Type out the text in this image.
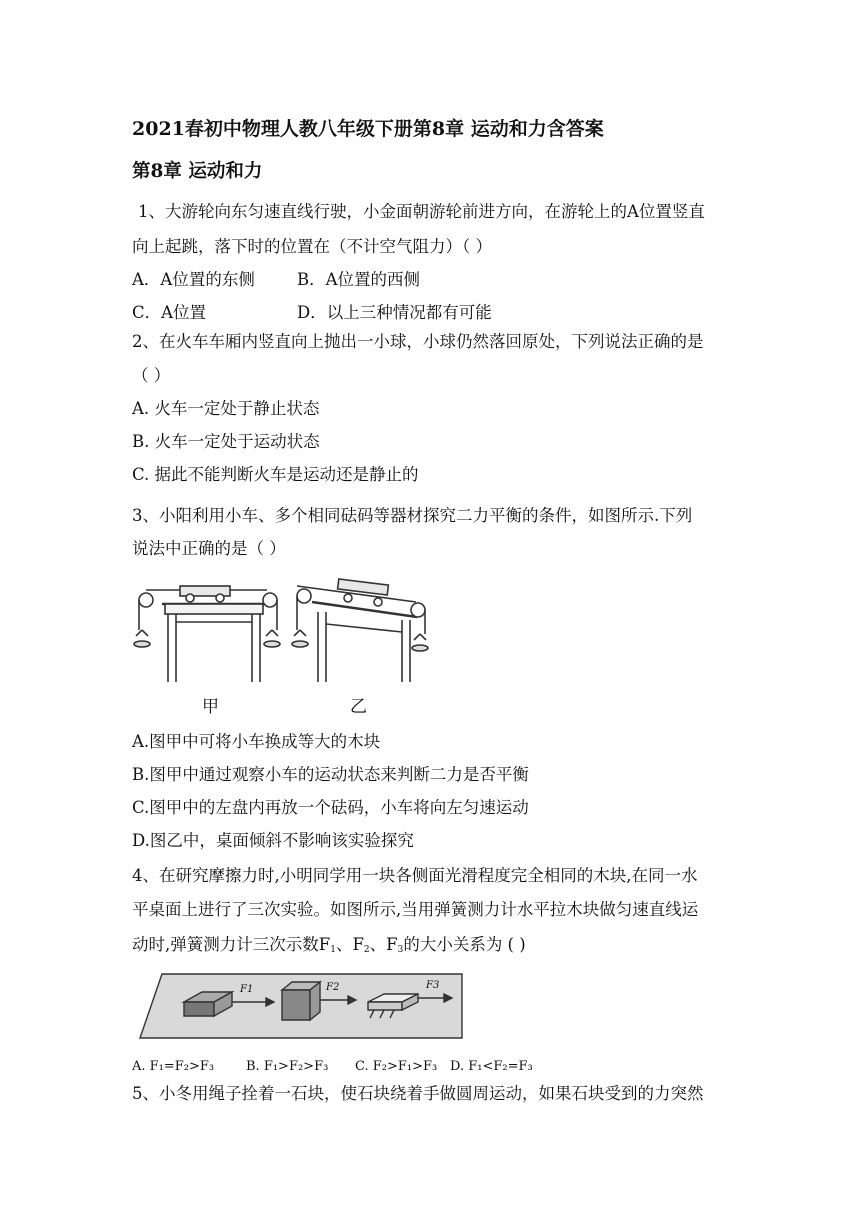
2021春初中物理人教八年级下册第8章 运动和力含答案
第8章 运动和力
1、大游轮向东匀速直线行驶，小金面朝游轮前进方向，在游轮上的A位置竖直
向上起跳，落下时的位置在（不计空气阻力）（ ）
A．A位置的东侧	B．A位置的西侧
C．A位置	D．以上三种情况都有可能
2、在火车车厢内竖直向上抛出一小球，小球仍然落回原处，下列说法正确的是
（ ）
A. 火车一定处于静止状态
B. 火车一定处于运动状态
C. 据此不能判断火车是运动还是静止的
3、小阳利用小车、多个相同砝码等器材探究二力平衡的条件，如图所示.下列
说法中正确的是（ ）
甲	乙
A.图甲中可将小车换成等大的木块
B.图甲中通过观察小车的运动状态来判断二力是否平衡
C.图甲中的左盘内再放一个砝码，小车将向左匀速运动
D.图乙中，桌面倾斜不影响该实验探究
4、在研究摩擦力时,小明同学用一块各侧面光滑程度完全相同的木块,在同一水
平桌面上进行了三次实验。如图所示,当用弹簧测力计水平拉木块做匀速直线运
动时,弹簧测力计三次示数$F_1$、$F_2$、$F_3$的大小关系为 ( )
F1	F2	F3
A. F₁=F₂>F₃ B. F₁>F₂>F₃ C. F₂>F₁>F₃ D. F₁<F₂=F₃
5、小冬用绳子拴着一石块，使石块绕着手做圆周运动，如果石块受到的力突然
